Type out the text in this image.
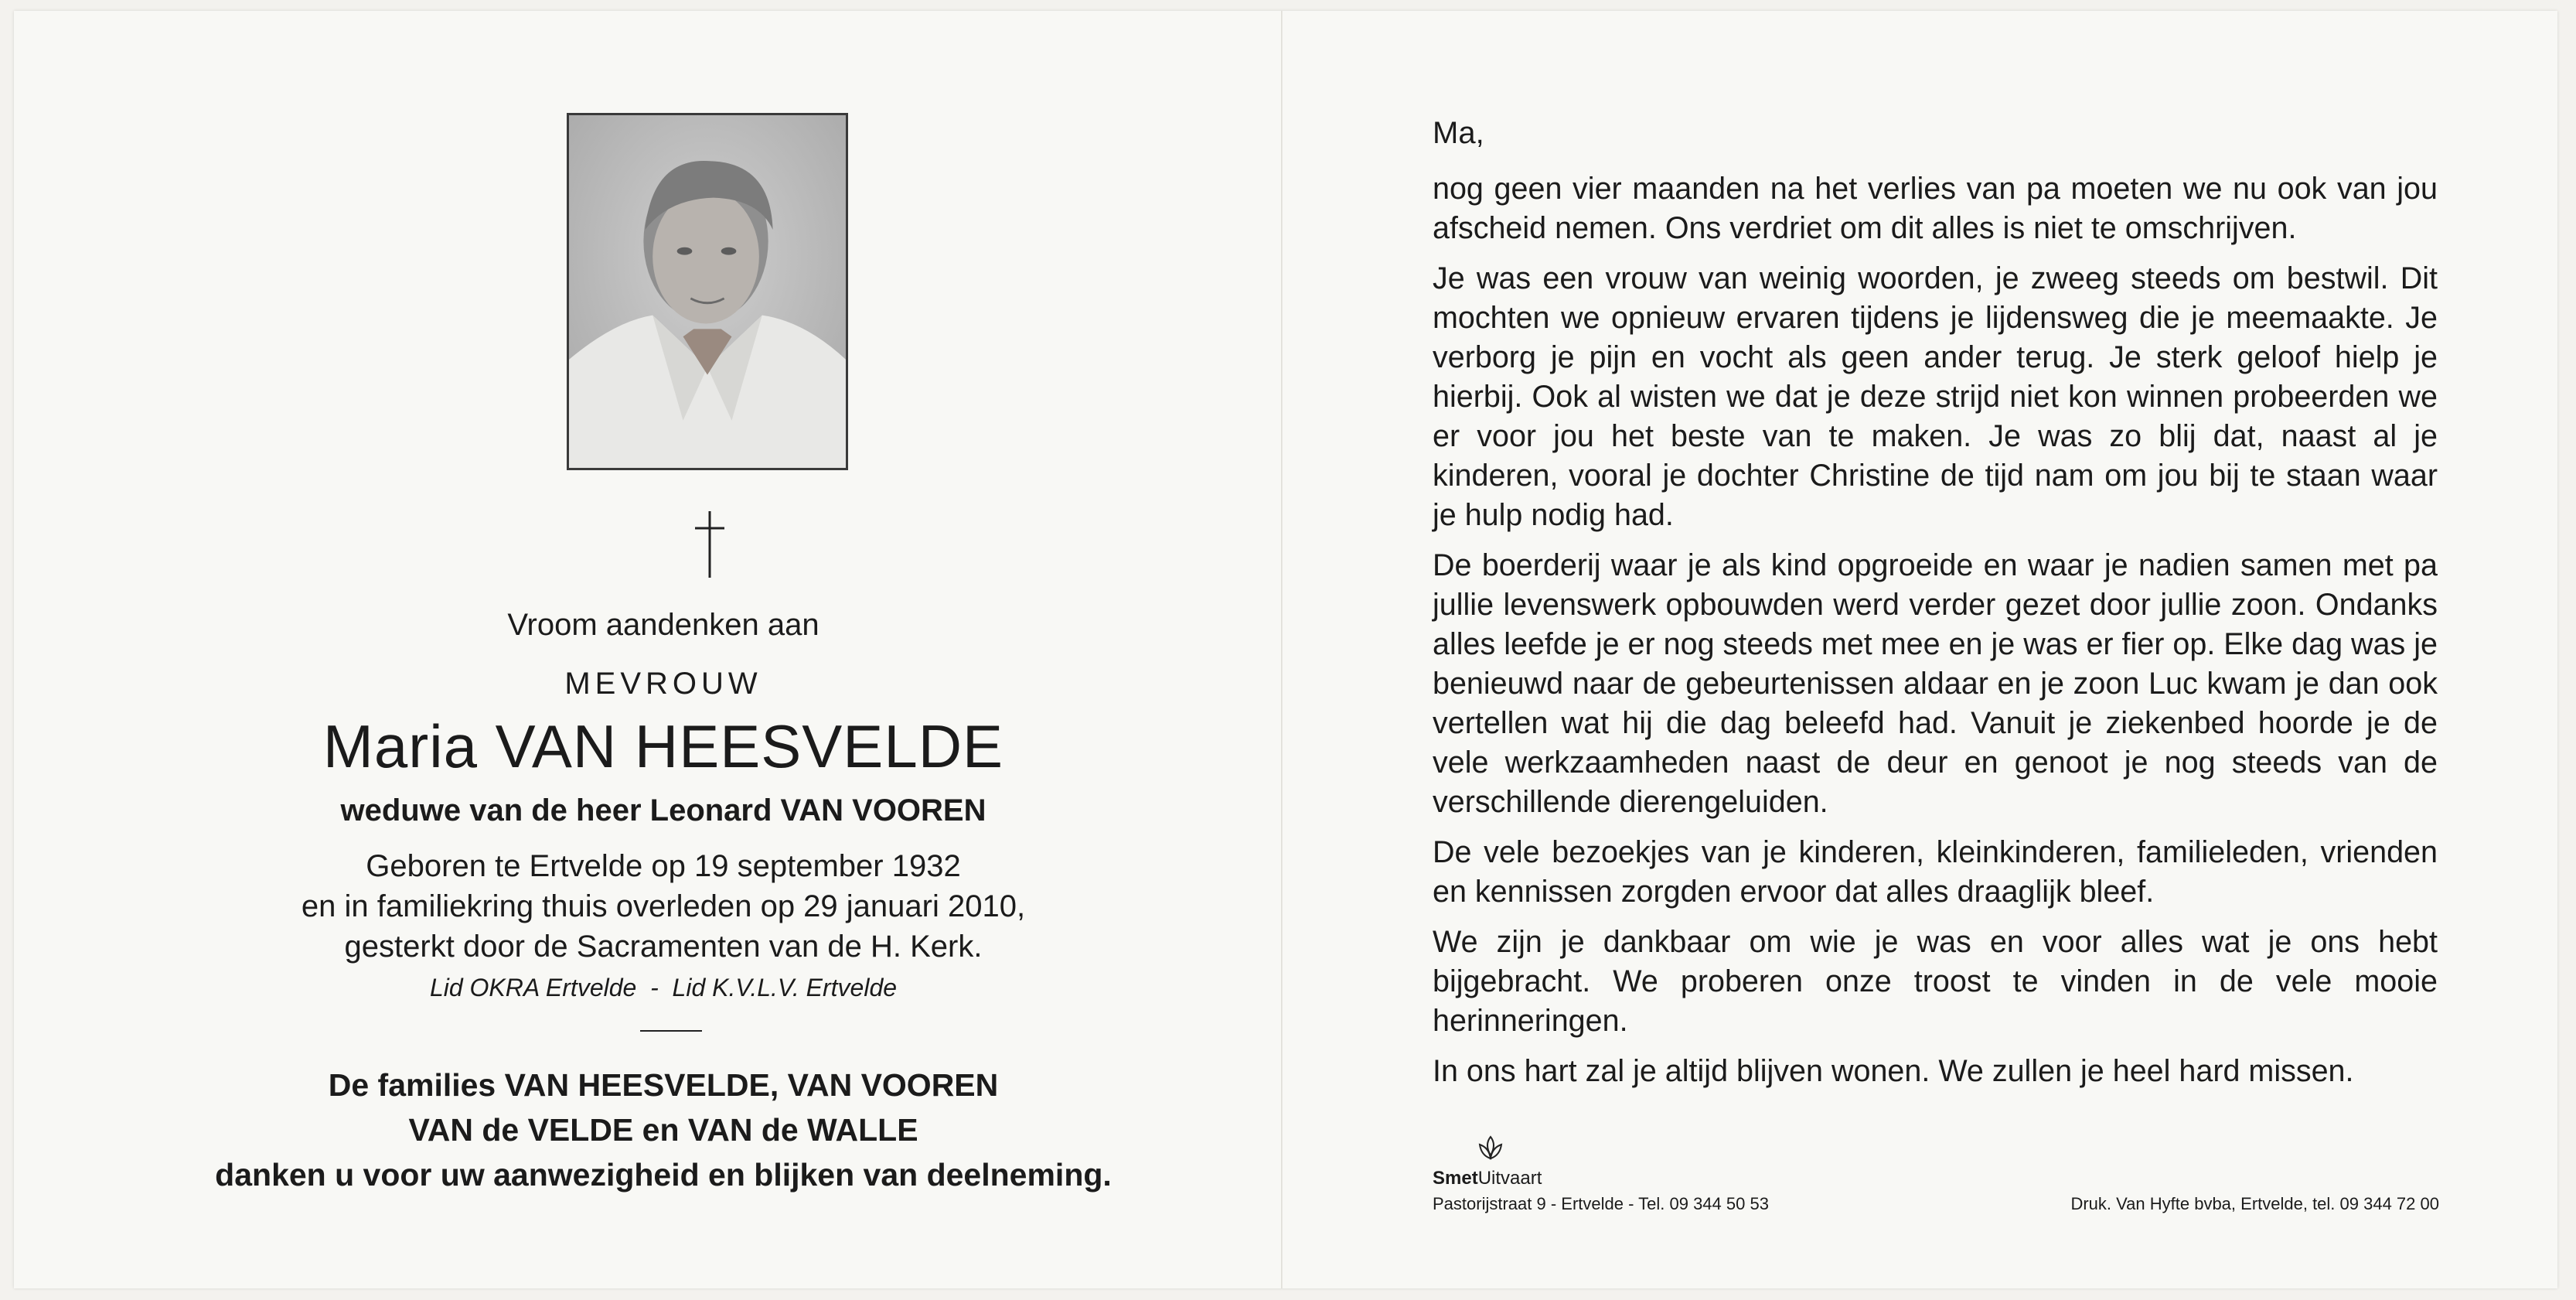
Vroom aandenken aan
MEVROUW
Maria VAN HEESVELDE
weduwe van de heer Leonard VAN VOOREN
Geboren te Ertvelde op 19 september 1932
en in familiekring thuis overleden op 29 januari 2010,
gesterkt door de Sacramenten van de H. Kerk.
Lid OKRA Ertvelde  -  Lid K.V.L.V. Ertvelde
De families VAN HEESVELDE, VAN VOOREN
VAN de VELDE en VAN de WALLE
danken u voor uw aanwezigheid en blijken van deelneming.
Ma,

nog geen vier maanden na het verlies van pa moeten we nu ook van jou afscheid nemen. Ons verdriet om dit alles is niet te omschrijven.

Je was een vrouw van weinig woorden, je zweeg steeds om bestwil. Dit mochten we opnieuw ervaren tijdens je lijdensweg die je meemaakte. Je verborg je pijn en vocht als geen ander terug. Je sterk geloof hielp je hierbij. Ook al wisten we dat je deze strijd niet kon winnen probeerden we er voor jou het beste van te maken. Je was zo blij dat, naast al je kinderen, vooral je dochter Christine de tijd nam om jou bij te staan waar je hulp nodig had.

De boerderij waar je als kind opgroeide en waar je nadien samen met pa jullie levenswerk opbouwden werd verder gezet door jullie zoon. Ondanks alles leefde je er nog steeds met mee en je was er fier op. Elke dag was je benieuwd naar de gebeurtenissen aldaar en je zoon Luc kwam je dan ook vertellen wat hij die dag beleefd had. Vanuit je ziekenbed hoorde je de vele werkzaamheden naast de deur en genoot je nog steeds van de verschillende dierengeluiden.

De vele bezoekjes van je kinderen, kleinkinderen, familieleden, vrienden en kennissen zorgden ervoor dat alles draaglijk bleef.

We zijn je dankbaar om wie je was en voor alles wat je ons hebt bijgebracht. We proberen onze troost te vinden in de vele mooie herinneringen.

In ons hart zal je altijd blijven wonen. We zullen je heel hard missen.

SmetUitvaart
Pastorijstraat 9 - Ertvelde - Tel. 09 344 50 53	Druk. Van Hyfte bvba, Ertvelde, tel. 09 344 72 00
